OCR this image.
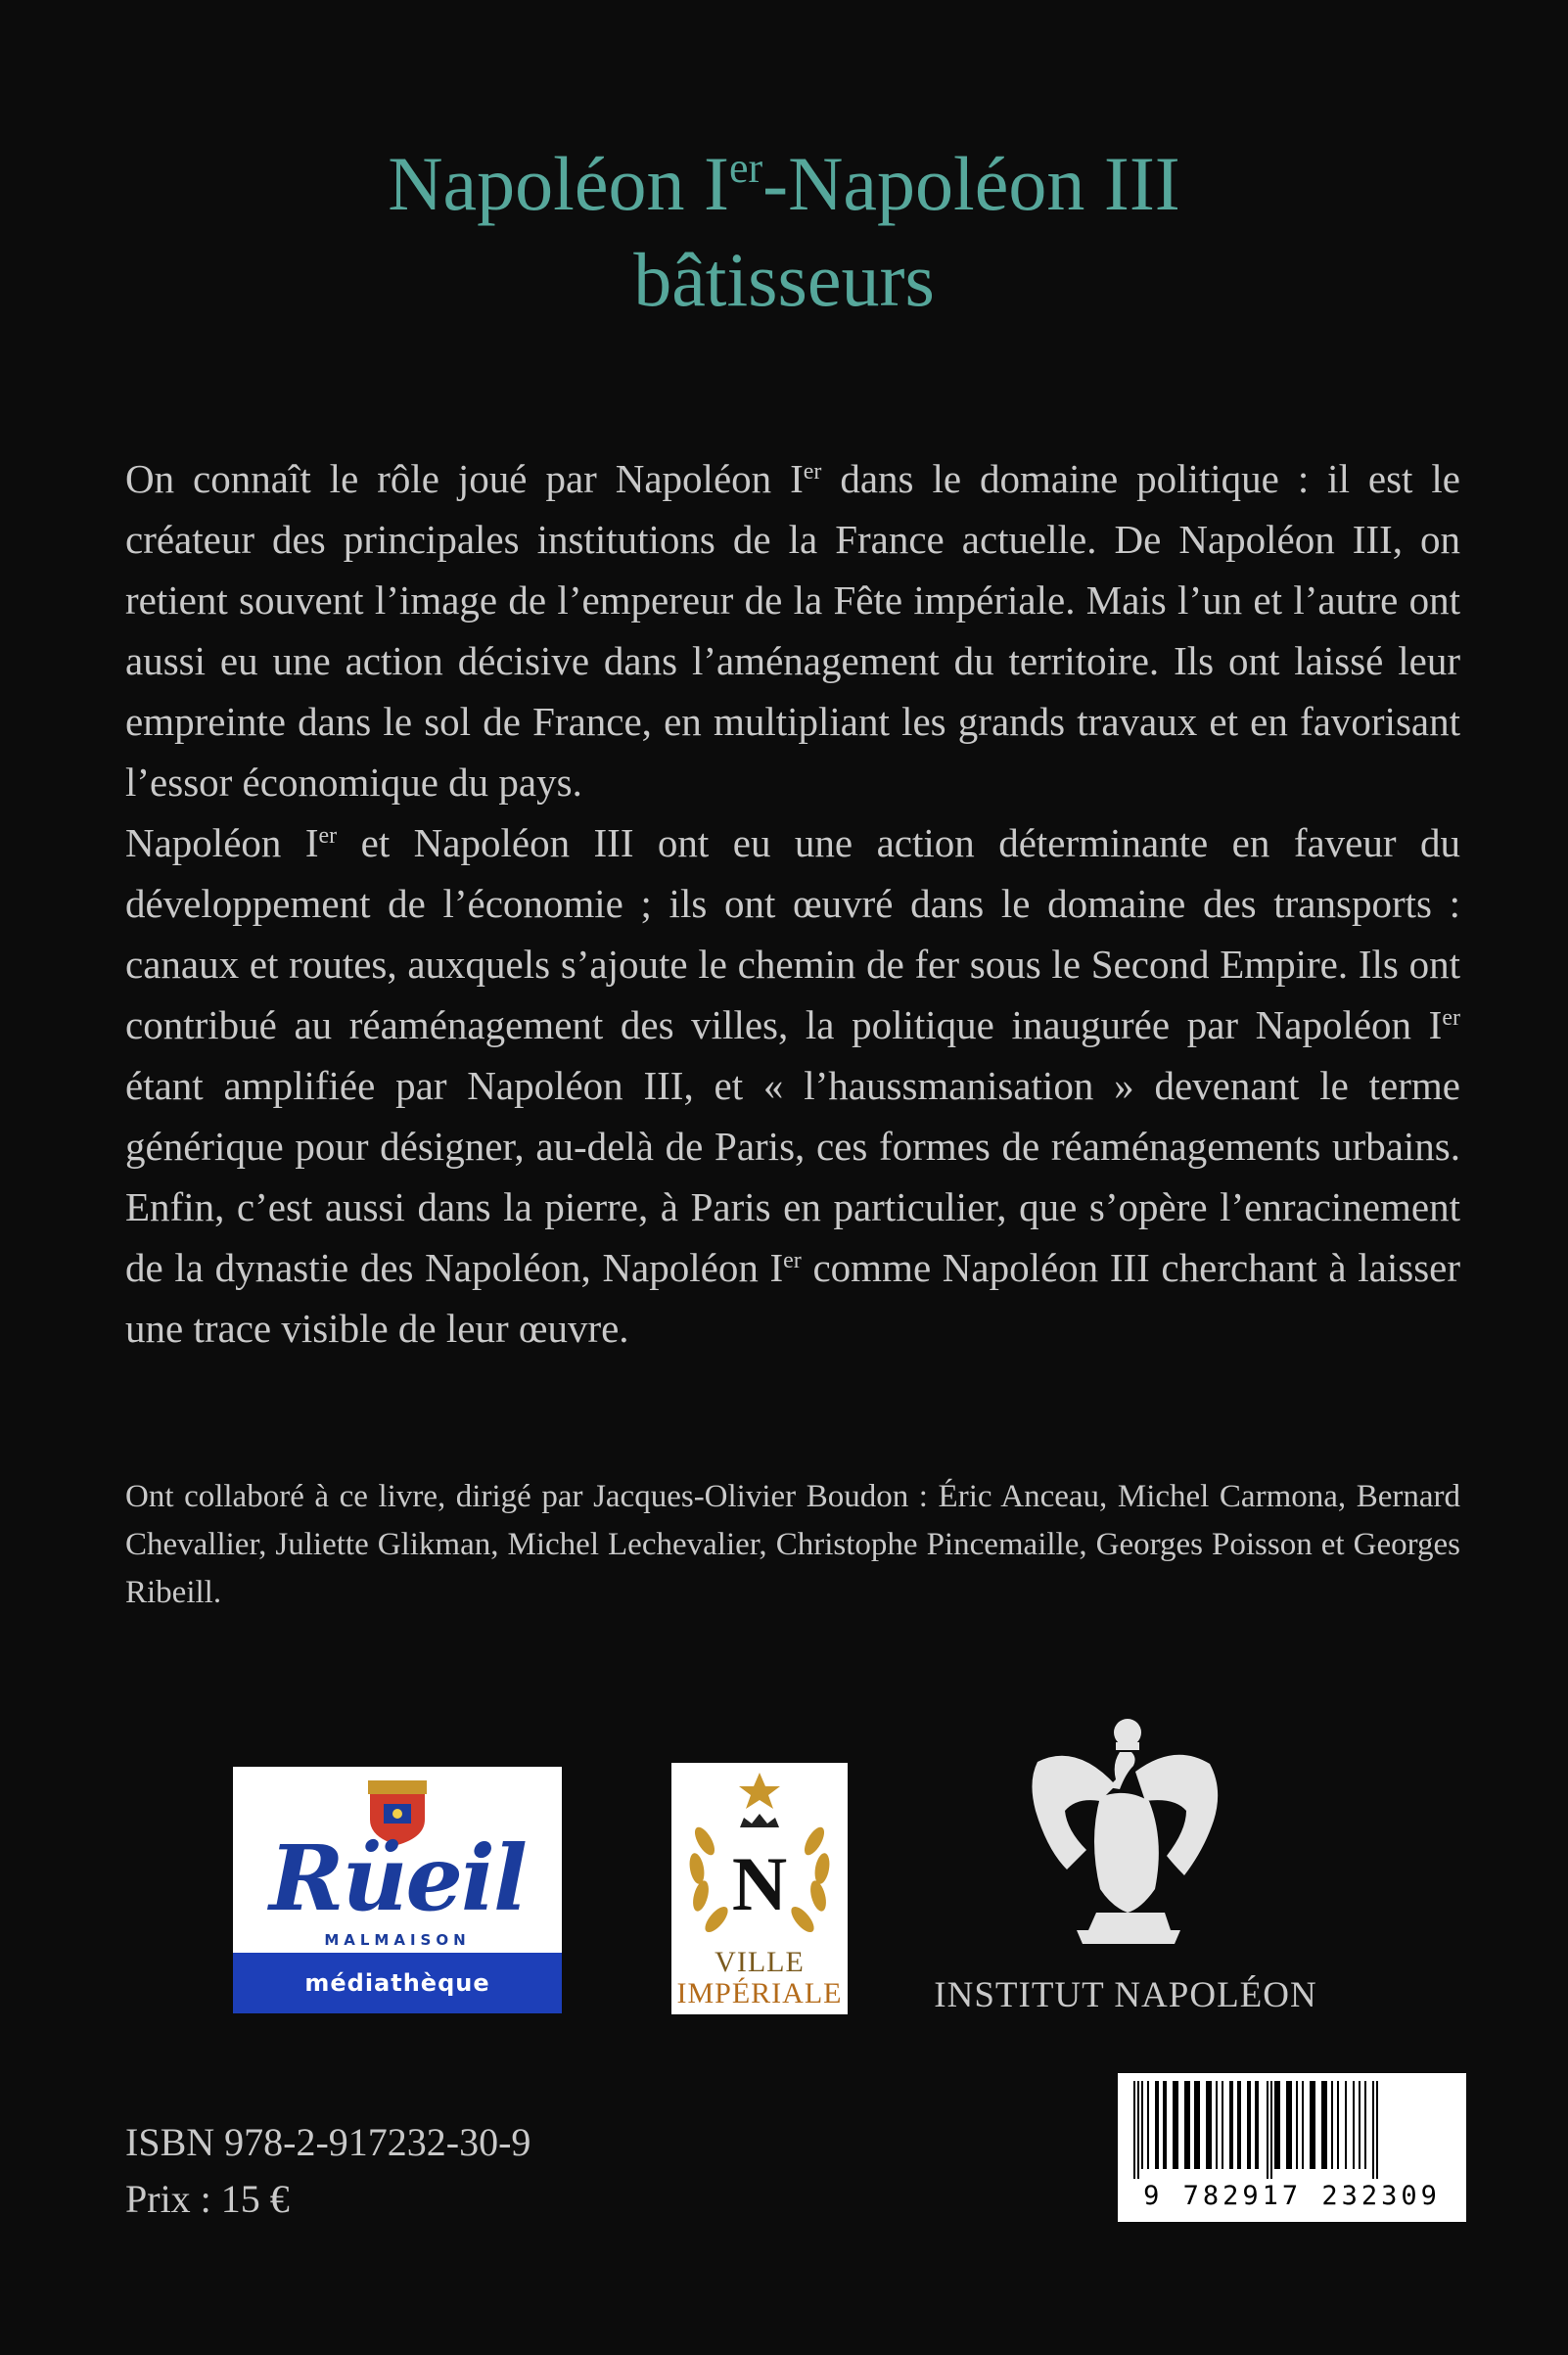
Napoléon Ier-Napoléon III
bâtisseurs

On connaît le rôle joué par Napoléon Ier dans le domaine politique : il est le créateur des principales institutions de la France actuelle. De Napoléon III, on retient souvent l’image de l’empereur de la Fête impériale. Mais l’un et l’autre ont aussi eu une action décisive dans l’aménagement du territoire. Ils ont laissé leur empreinte dans le sol de France, en multipliant les grands travaux et en favorisant l’essor économique du pays.

Napoléon Ier et Napoléon III ont eu une action déterminante en faveur du développement de l’économie ; ils ont œuvré dans le domaine des transports : canaux et routes, auxquels s’ajoute le chemin de fer sous le Second Empire. Ils ont contribué au réaménagement des villes, la politique inaugurée par Napoléon Ier étant amplifiée par Napoléon III, et « l’haussmanisation » devenant le terme générique pour désigner, au-delà de Paris, ces formes de réaménagements urbains. Enfin, c’est aussi dans la pierre, à Paris en particulier, que s’opère l’enracinement de la dynastie des Napoléon, Napoléon Ier comme Napoléon III cherchant à laisser une trace visible de leur œuvre.

Ont collaboré à ce livre, dirigé par Jacques-Olivier Boudon : Éric Anceau, Michel Carmona, Bernard Chevallier, Juliette Glikman, Michel Lechevalier, Christophe Pincemaille, Georges Poisson et Georges Ribeill.

Rüeil
MALMAISON
médiathèque
N
VILLE
IMPÉRIALE	INSTITUT NAPOLÉON
ISBN 978-2-917232-30-9
Prix : 15 €	9 782917 232309
